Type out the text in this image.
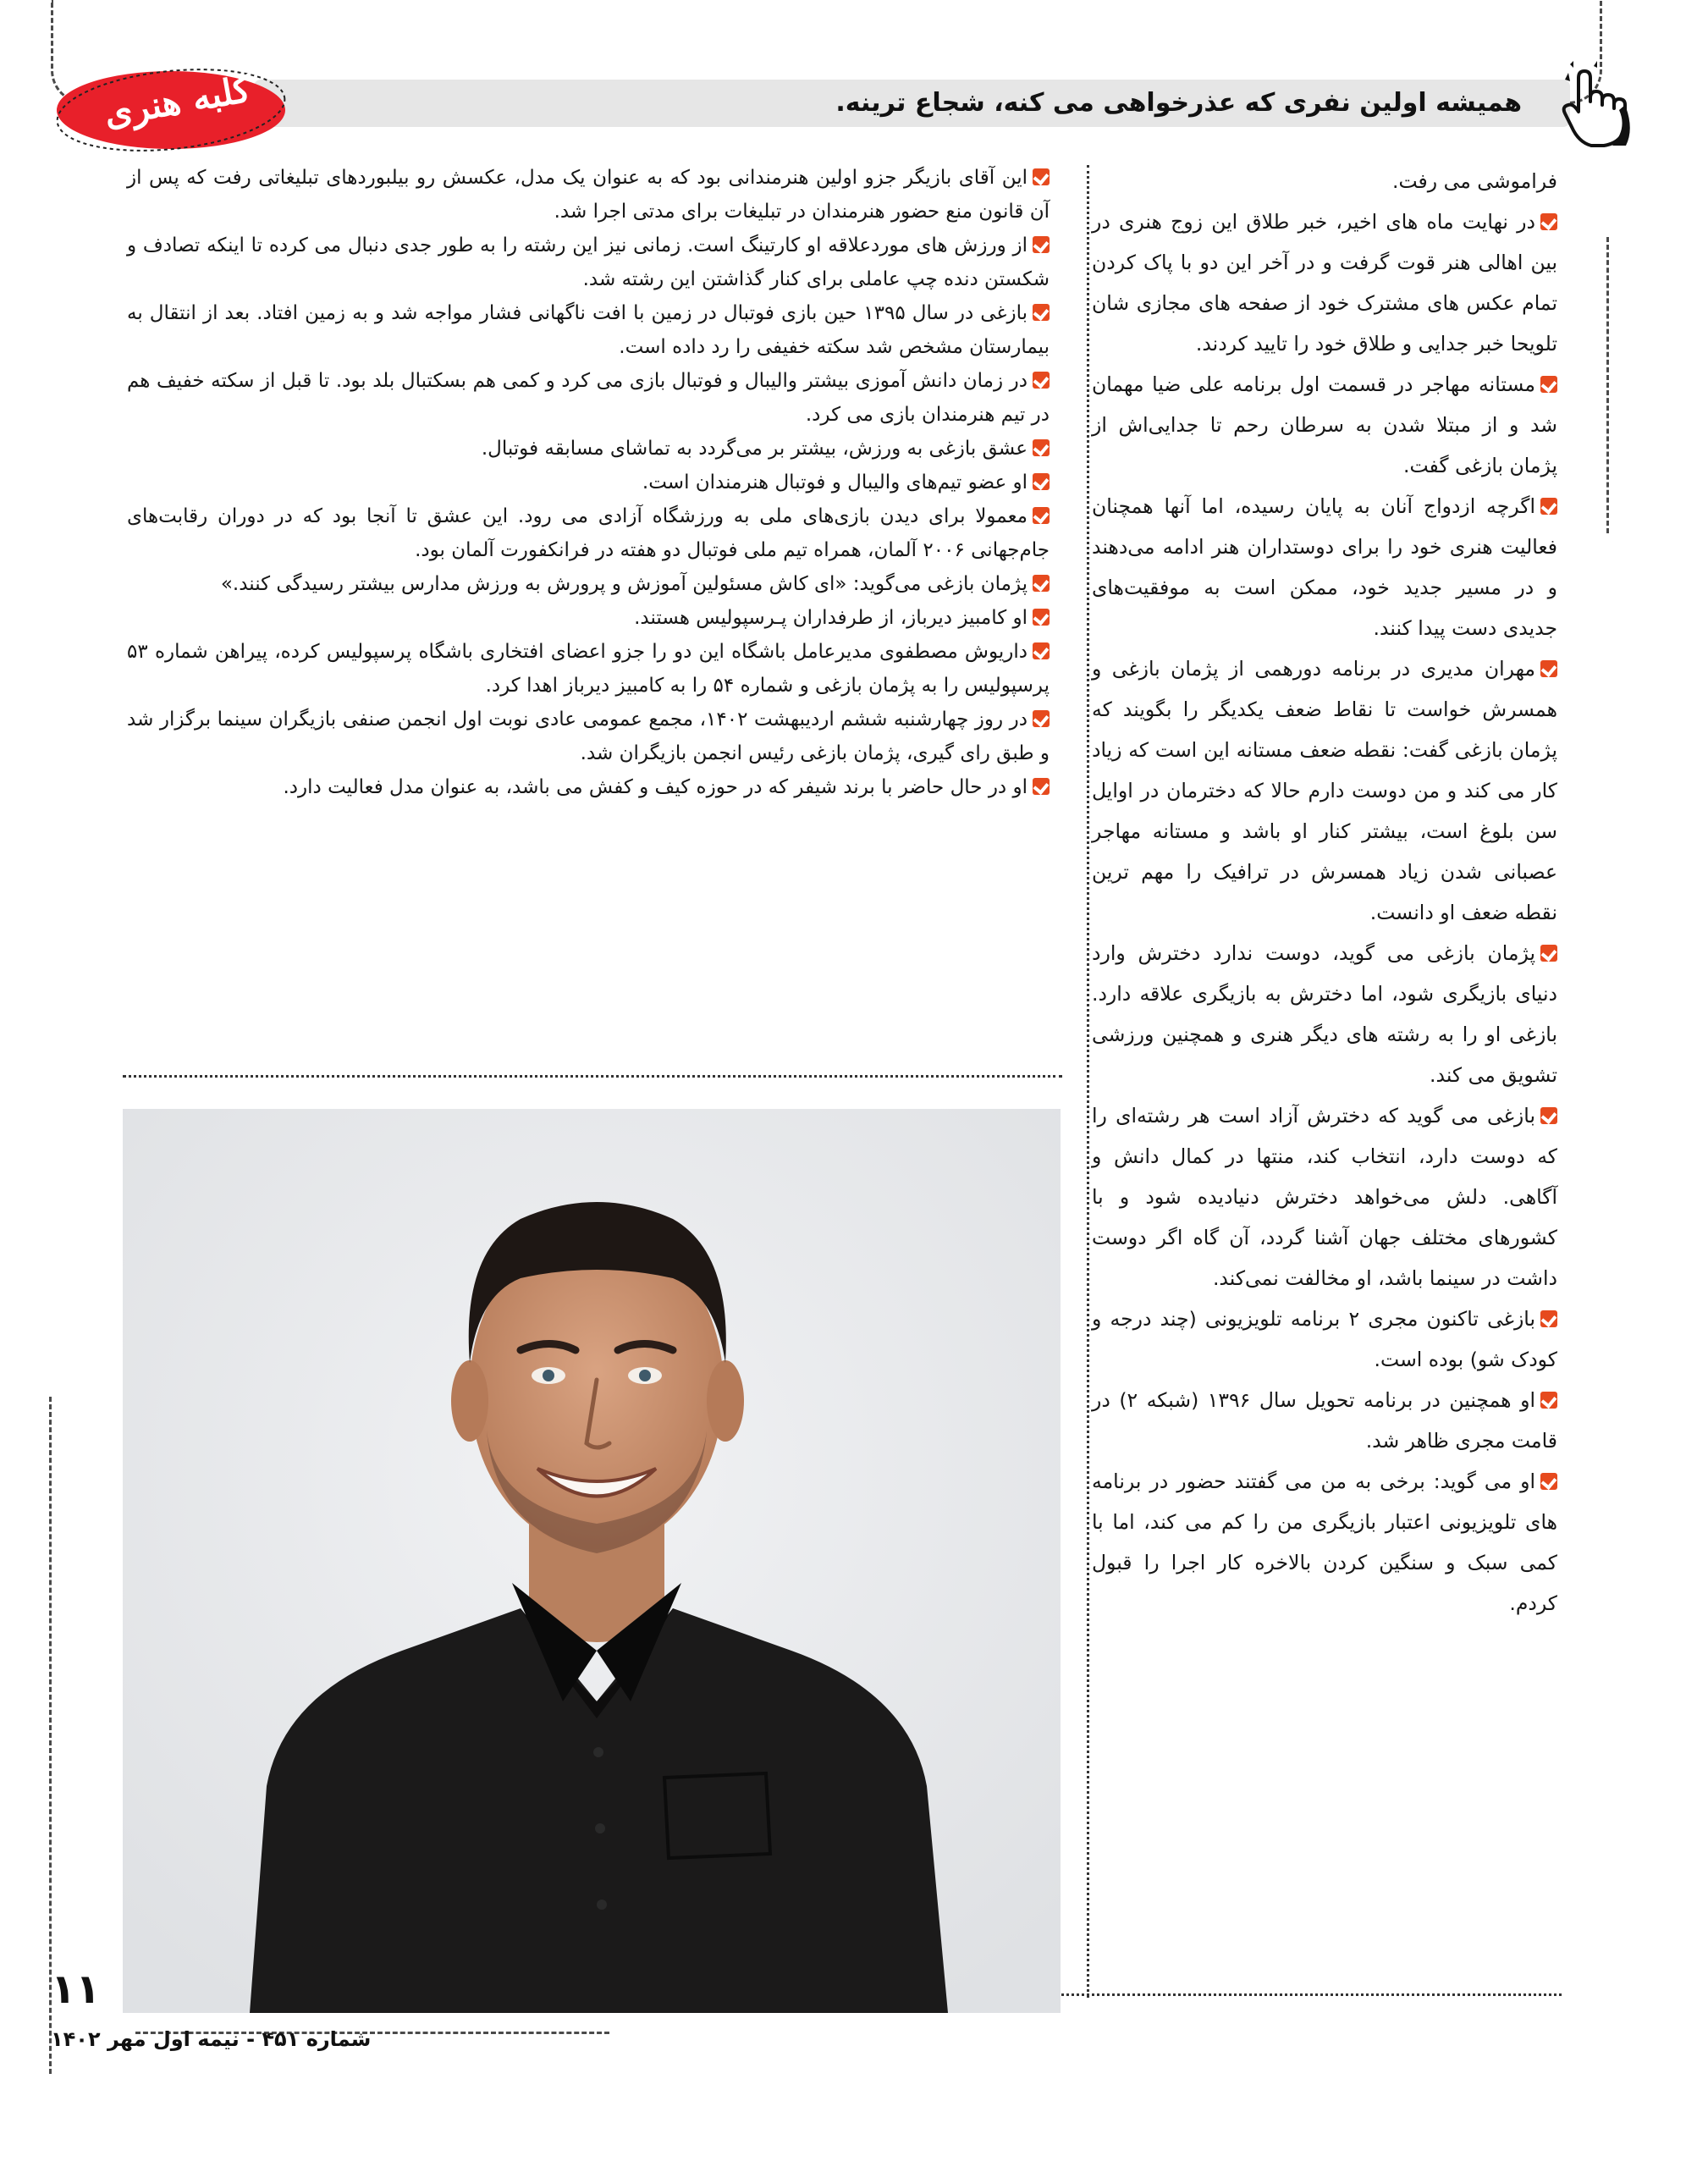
همیشه اولین نفری که عذرخواهی می کنه، شجاع ترینه.
کلبه هنری

فراموشی می رفت.

در نهایت ماه های اخیر، خبر طلاق این زوج هنری در بین اهالی هنر قوت گرفت و در آخر این دو با پاک کردن تمام عکس های مشترک خود از صفحه های مجازی شان تلویحا خبر جدایی و طلاق خود را تایید کردند.

مستانه مهاجر در قسمت اول برنامه علی ضیا مهمان شد و از مبتلا شدن به سرطان رحم تا جدایی‌اش از پژمان بازغی گفت.

اگرچه ازدواج آنان به پایان رسیده، اما آنها همچنان فعالیت هنری خود را برای دوستداران هنر ادامه می‌دهند و در مسیر جدید خود، ممکن است به موفقیت‌های جدیدی دست پیدا کنند.

مهران مدیری در برنامه دورهمی از پژمان بازغی و همسرش خواست تا نقاط ضعف یکدیگر را بگویند که پژمان بازغی گفت: نقطه ضعف مستانه این است که زیاد کار می کند و من دوست دارم حالا که دخترمان در اوایل سن بلوغ است، بیشتر کنار او باشد و مستانه مهاجر عصبانی شدن زیاد همسرش در ترافیک را مهم ترین نقطه ضعف او دانست.

پژمان بازغی می گوید، دوست ندارد دخترش وارد دنیای بازیگری شود، اما دخترش به بازیگری علاقه دارد. بازغی او را به رشته های دیگر هنری و همچنین ورزشی تشویق می کند.

بازغی می گوید که دخترش آزاد است هر رشته‌ای را که دوست دارد، انتخاب کند، منتها در کمال دانش و آگاهی. دلش می‌خواهد دخترش دنیادیده شود و با کشورهای مختلف جهان آشنا گردد، آن گاه اگر دوست داشت در سینما باشد، او مخالفت نمی‌کند.

بازغی تاکنون مجری ۲ برنامه تلویزیونی (چند درجه و کودک شو) بوده است.

او همچنین در برنامه تحویل سال ۱۳۹۶ (شبکه ۲) در قامت مجری ظاهر شد.

او می گوید: برخی به من می گفتند حضور در برنامه های تلویزیونی اعتبار بازیگری من را کم می کند، اما با کمی سبک و سنگین کردن بالاخره کار اجرا را قبول کردم.

این آقای بازیگر جزو اولین هنرمندانی بود که به عنوان یک مدل، عکسش رو بیلبوردهای تبلیغاتی رفت که پس از آن قانون منع حضور هنرمندان در تبلیغات برای مدتی اجرا شد.

از ورزش های موردعلاقه او کارتینگ است. زمانی نیز این رشته را به طور جدی دنبال می کرده تا اینکه تصادف و شکستن دنده چپ عاملی برای کنار گذاشتن این رشته شد.

بازغی در سال ۱۳۹۵ حین بازی فوتبال در زمین با افت ناگهانی فشار مواجه شد و به زمین افتاد. بعد از انتقال به بیمارستان مشخص شد سکته خفیفی را رد داده است.

در زمان دانش آموزی بیشتر والیبال و فوتبال بازی می کرد و کمی هم بسکتبال بلد بود. تا قبل از سکته خفیف هم در تیم هنرمندان بازی می کرد.

عشق بازغی به ورزش، بیشتر بر می‌گردد به تماشای مسابقه فوتبال.

او عضو تیم‌های والیبال و فوتبال هنرمندان است.

معمولا برای دیدن بازی‌های ملی به ورزشگاه آزادی می رود. این عشق تا آنجا بود که در دوران رقابت‌های جام‌جهانی ۲۰۰۶ آلمان، همراه تیم ملی فوتبال دو هفته در فرانکفورت آلمان بود.

پژمان بازغی می‌گوید: «ای کاش مسئولین آموزش و پرورش به ورزش مدارس بیشتر رسیدگی کنند.»

او کامبیز دیرباز، از طرفداران پـرسپولیس هستند.

داریوش مصطفوی مدیرعامل باشگاه این دو را جزو اعضای افتخاری باشگاه پرسپولیس کرده، پیراهن شماره ۵۳ پرسپولیس را به پژمان بازغی و شماره ۵۴ را به کامبیز دیرباز اهدا کرد.

در روز چهارشنبه ششم اردیبهشت ۱۴۰۲، مجمع عمومی عادی نوبت اول انجمن صنفی بازیگران سینما برگزار شد و طبق رای گیری، پژمان بازغی رئیس انجمن بازیگران شد.

او در حال حاضر با برند شیفر که در حوزه کیف و کفش می باشد، به عنوان مدل فعالیت دارد.

۱۱
شماره ۴۵۱ - نیمه اول مهر ۱۴۰۲
